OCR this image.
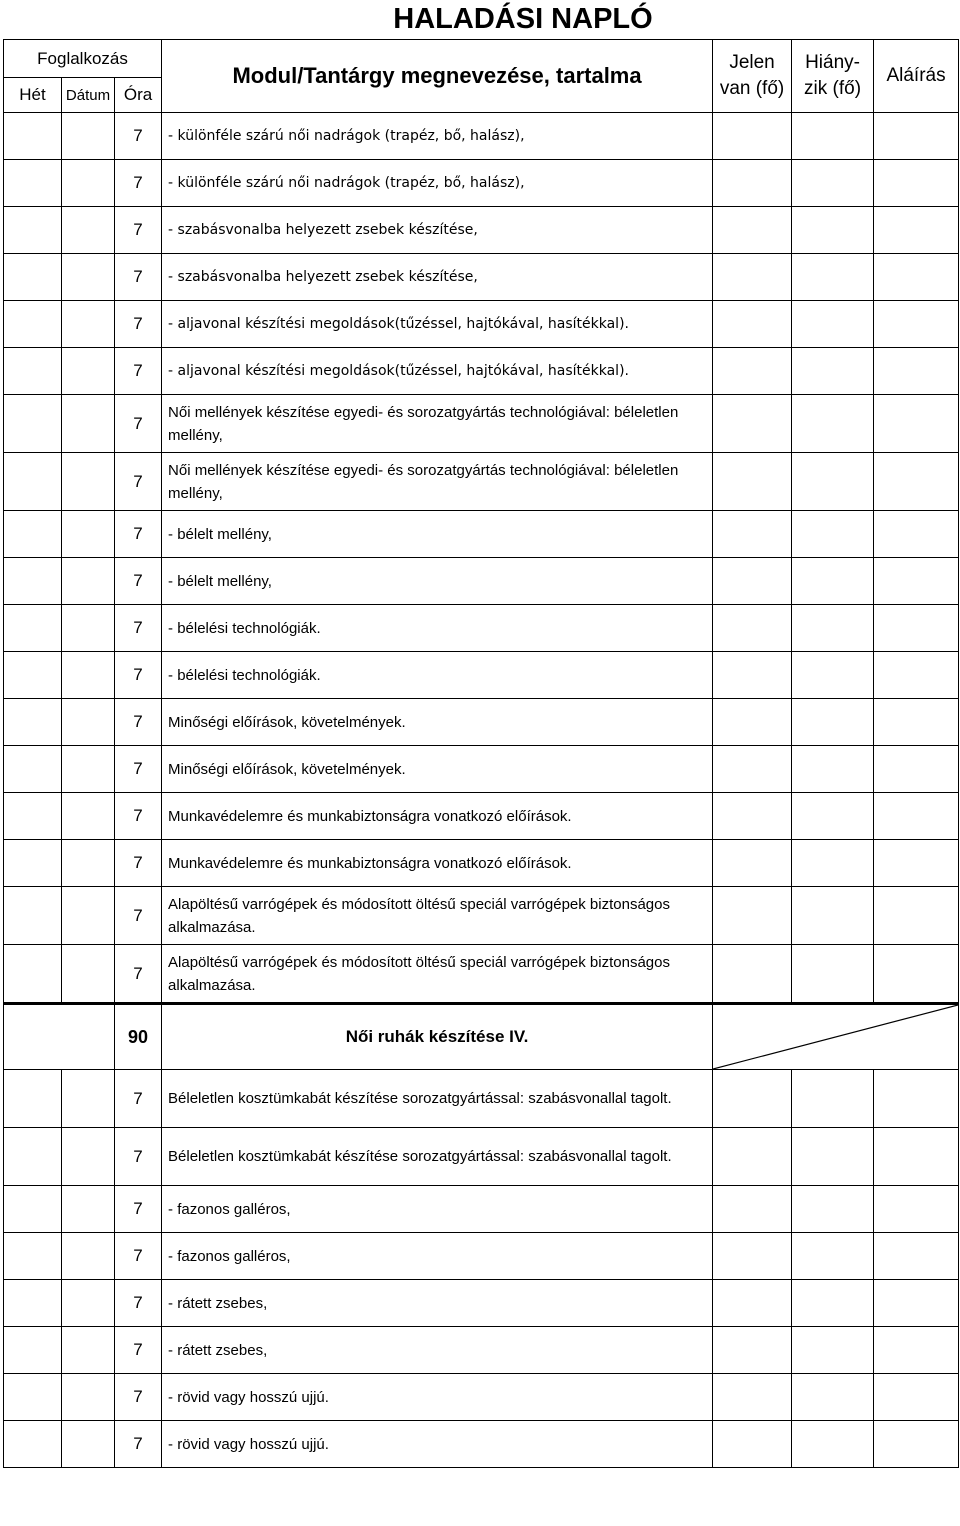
HALADÁSI NAPLÓ
Foglalkozás			Modul/Tantárgy megnevezése, tartalma	Jelen van (fő)	Hiány- zik (fő)	Aláírás
Hét	Dátum	Óra				
		7	- különféle szárú női nadrágok (trapéz, bő, halász),			
		7	- különféle szárú női nadrágok (trapéz, bő, halász),			
		7	- szabásvonalba helyezett zsebek készítése,			
		7	- szabásvonalba helyezett zsebek készítése,			
		7	- aljavonal készítési megoldások(tűzéssel, hajtókával, hasítékkal).			
		7	- aljavonal készítési megoldások(tűzéssel, hajtókával, hasítékkal).			
		7	Női mellények készítése egyedi- és sorozatgyártás technológiával: béleletlen mellény,			
		7	Női mellények készítése egyedi- és sorozatgyártás technológiával: béleletlen mellény,			
		7	- bélelt mellény,			
		7	- bélelt mellény,			
		7	- bélelési technológiák.			
		7	- bélelési technológiák.			
		7	Minőségi előírások, követelmények.			
		7	Minőségi előírások, követelmények.			
		7	Munkavédelemre és munkabiztonságra vonatkozó előírások.			
		7	Munkavédelemre és munkabiztonságra vonatkozó előírások.			
		7	Alapöltésű varrógépek és módosított öltésű speciál varrógépek biztonságos alkalmazása.			
		7	Alapöltésű varrógépek és módosított öltésű speciál varrógépek biztonságos alkalmazása.			
		90	Női ruhák készítése IV.	

		7	Béleletlen kosztümkabát készítése sorozatgyártással: szabásvonallal tagolt.			
		7	Béleletlen kosztümkabát készítése sorozatgyártással: szabásvonallal tagolt.			
		7	- fazonos galléros,			
		7	- fazonos galléros,			
		7	- rátett zsebes,			
		7	- rátett zsebes,			
		7	- rövid vagy hosszú ujjú.			
		7	- rövid vagy hosszú ujjú.			
